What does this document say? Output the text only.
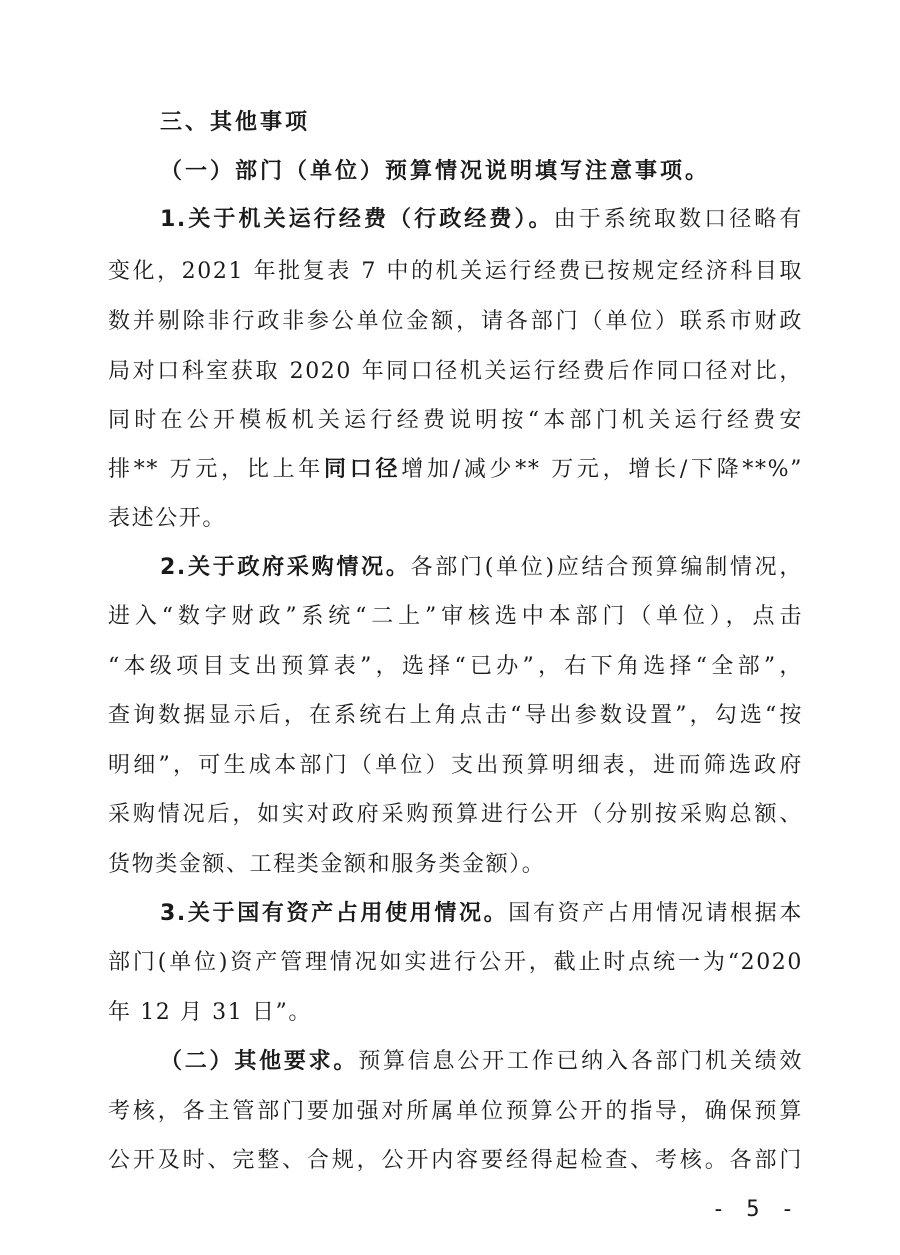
三、其他事项
（一）部门（单位）预算情况说明填写注意事项。
1.关于机关运行经费（行政经费）。由于系统取数口径略有
变化，2021 年批复表 7 中的机关运行经费已按规定经济科目取
数并剔除非行政非参公单位金额，请各部门（单位）联系市财政
局对口科室获取 2020 年同口径机关运行经费后作同口径对比，
同时在公开模板机关运行经费说明按“本部门机关运行经费安
排** 万元，比上年同口径增加/减少** 万元，增长/下降**%”
表述公开。
2.关于政府采购情况。各部门(单位)应结合预算编制情况，
进入“数字财政”系统“二上”审核选中本部门（单位），点击
“本级项目支出预算表”，选择“已办”，右下角选择“全部”，
查询数据显示后，在系统右上角点击“导出参数设置”，勾选“按
明细”，可生成本部门（单位）支出预算明细表，进而筛选政府
采购情况后，如实对政府采购预算进行公开（分别按采购总额、
货物类金额、工程类金额和服务类金额）。
3.关于国有资产占用使用情况。国有资产占用情况请根据本
部门(单位)资产管理情况如实进行公开，截止时点统一为“2020
年 12 月 31 日”。
（二）其他要求。预算信息公开工作已纳入各部门机关绩效
考核，各主管部门要加强对所属单位预算公开的指导，确保预算
公开及时、完整、合规，公开内容要经得起检查、考核。各部门
- 5 -
